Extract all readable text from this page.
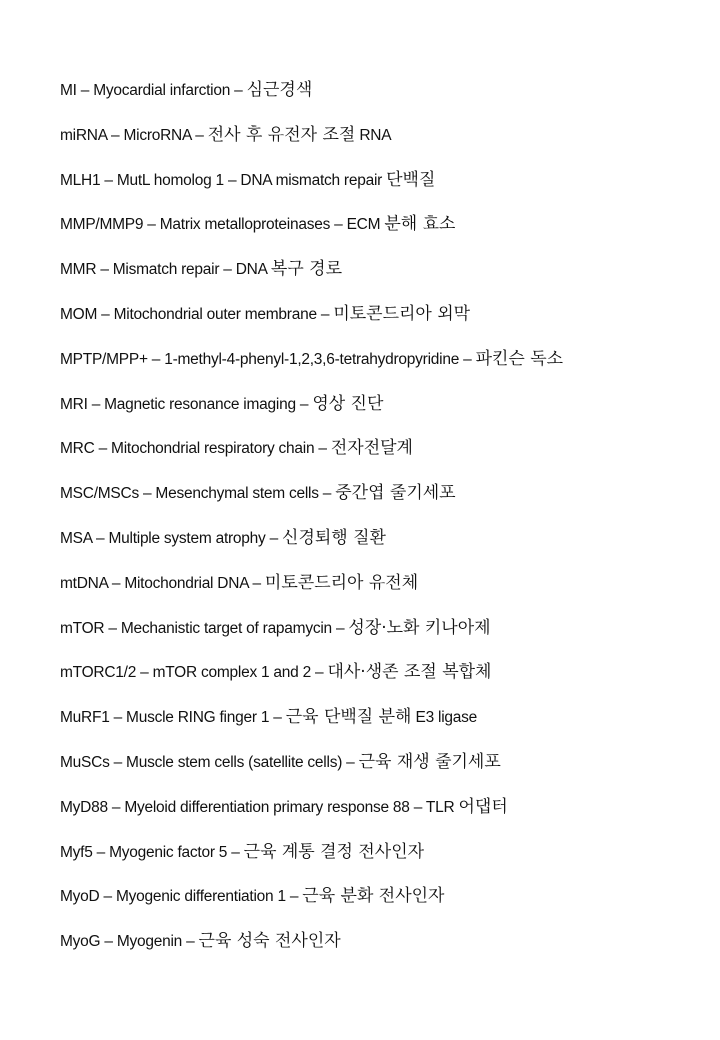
MI – Myocardial infarction – 심근경색
miRNA – MicroRNA – 전사 후 유전자 조절 RNA
MLH1 – MutL homolog 1 – DNA mismatch repair 단백질
MMP/MMP9 – Matrix metalloproteinases – ECM 분해 효소
MMR – Mismatch repair – DNA 복구 경로
MOM – Mitochondrial outer membrane – 미토콘드리아 외막
MPTP/MPP+ – 1-methyl-4-phenyl-1,2,3,6-tetrahydropyridine – 파킨슨 독소
MRI – Magnetic resonance imaging – 영상 진단
MRC – Mitochondrial respiratory chain – 전자전달계
MSC/MSCs – Mesenchymal stem cells – 중간엽 줄기세포
MSA – Multiple system atrophy – 신경퇴행 질환
mtDNA – Mitochondrial DNA – 미토콘드리아 유전체
mTOR – Mechanistic target of rapamycin – 성장·노화 키나아제
mTORC1/2 – mTOR complex 1 and 2 – 대사·생존 조절 복합체
MuRF1 – Muscle RING finger 1 – 근육 단백질 분해 E3 ligase
MuSCs – Muscle stem cells (satellite cells) – 근육 재생 줄기세포
MyD88 – Myeloid differentiation primary response 88 – TLR 어댑터
Myf5 – Myogenic factor 5 – 근육 계통 결정 전사인자
MyoD – Myogenic differentiation 1 – 근육 분화 전사인자
MyoG – Myogenin – 근육 성숙 전사인자
